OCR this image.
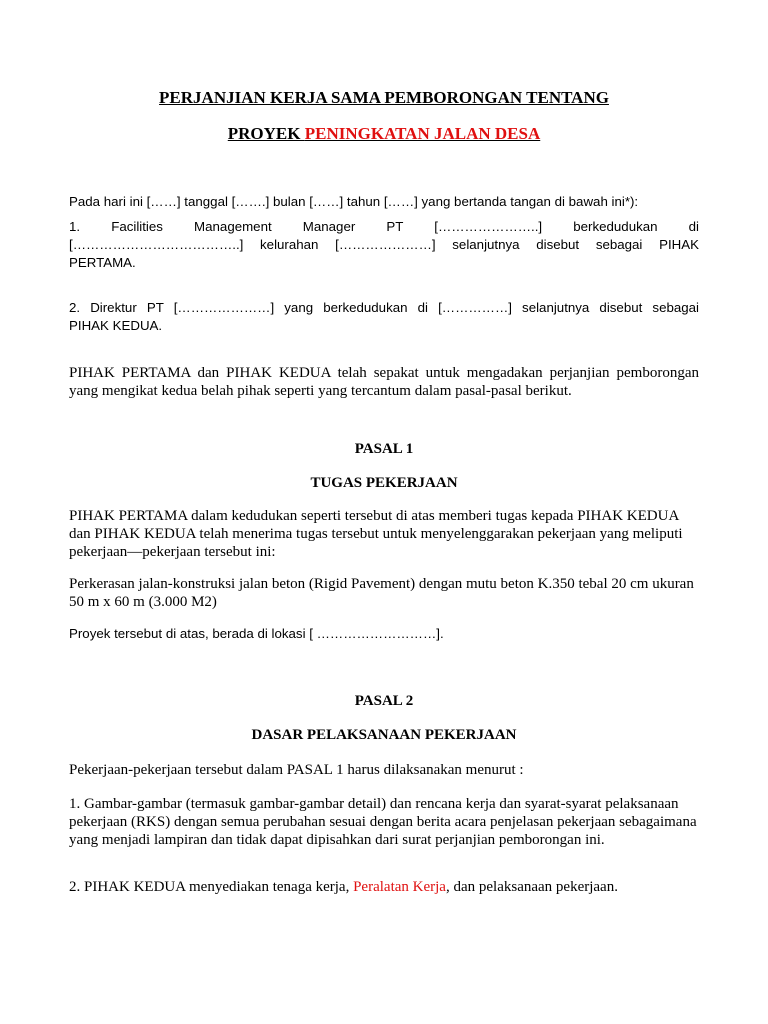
PERJANJIAN KERJA SAMA PEMBORONGAN TENTANG
PROYEK PENINGKATAN JALAN DESA
Pada hari ini [……] tanggal […….] bulan [……] tahun [……] yang bertanda tangan di bawah ini*):
1. Facilities Management Manager PT […………………..] berkedudukan di
[………………………………..] kelurahan […………………] selanjutnya disebut sebagai PIHAK
PERTAMA.
2. Direktur PT […………………] yang berkedudukan di [……………] selanjutnya disebut sebagai
PIHAK KEDUA.
PIHAK PERTAMA dan PIHAK KEDUA telah sepakat untuk mengadakan perjanjian pemborongan yang mengikat kedua belah pihak seperti yang tercantum dalam pasal-pasal berikut.
PASAL 1
TUGAS PEKERJAAN
PIHAK PERTAMA dalam kedudukan seperti tersebut di atas memberi tugas kepada PIHAK KEDUA dan PIHAK KEDUA telah menerima tugas tersebut untuk menyelenggarakan pekerjaan yang meliputi pekerjaan—pekerjaan tersebut ini:
Perkerasan jalan-konstruksi jalan beton (Rigid Pavement) dengan mutu beton K.350 tebal 20 cm ukuran 50 m x 60 m (3.000 M2)
Proyek tersebut di atas, berada di lokasi [ ………………………].
PASAL 2
DASAR PELAKSANAAN PEKERJAAN
Pekerjaan-pekerjaan tersebut dalam PASAL 1 harus dilaksanakan menurut :
1. Gambar-gambar (termasuk gambar-gambar detail) dan rencana kerja dan syarat-syarat pelaksanaan pekerjaan (RKS) dengan semua perubahan sesuai dengan berita acara penjelasan pekerjaan sebagaimana yang menjadi lampiran dan tidak dapat dipisahkan dari surat perjanjian pemborongan ini.
2. PIHAK KEDUA menyediakan tenaga kerja, Peralatan Kerja, dan pelaksanaan pekerjaan.
